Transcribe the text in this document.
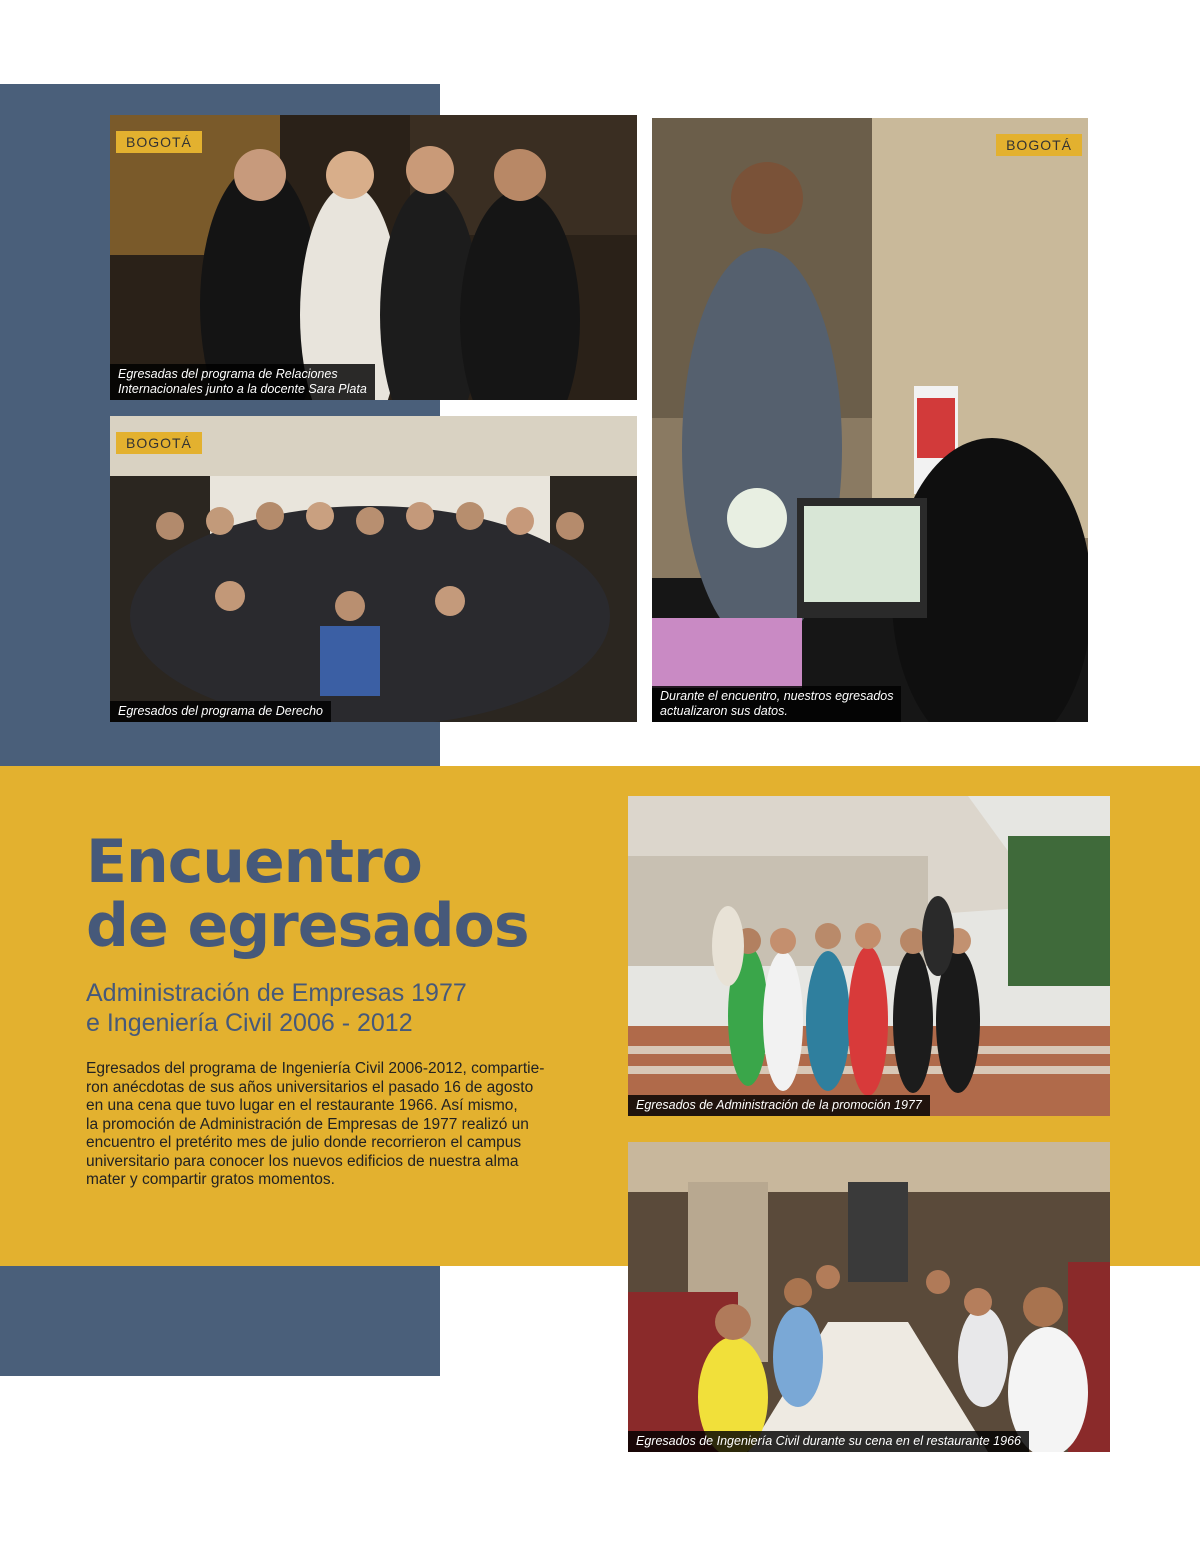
BOGOTÁ
Egresadas del programa de Relaciones
Internacionales junto a la docente Sara Plata
BOGOTÁ
Durante el encuentro, nuestros egresados
actualizaron sus datos.
BOGOTÁ
Egresados del programa de Derecho
Egresados de Administración de la promoción 1977
Egresados de Ingeniería Civil durante su cena en el restaurante 1966
Encuentro
de egresados
Administración de Empresas 1977
e Ingeniería Civil 2006 - 2012

Egresados del programa de Ingeniería Civil 2006-2012, compartie-
ron anécdotas de sus años universitarios el pasado 16 de agosto
en una cena que tuvo lugar en el restaurante 1966. Así mismo,
la promoción de Administración de Empresas de 1977 realizó un
encuentro el pretérito mes de julio donde recorrieron el campus
universitario para conocer los nuevos edificios de nuestra alma
mater y compartir gratos momentos.
